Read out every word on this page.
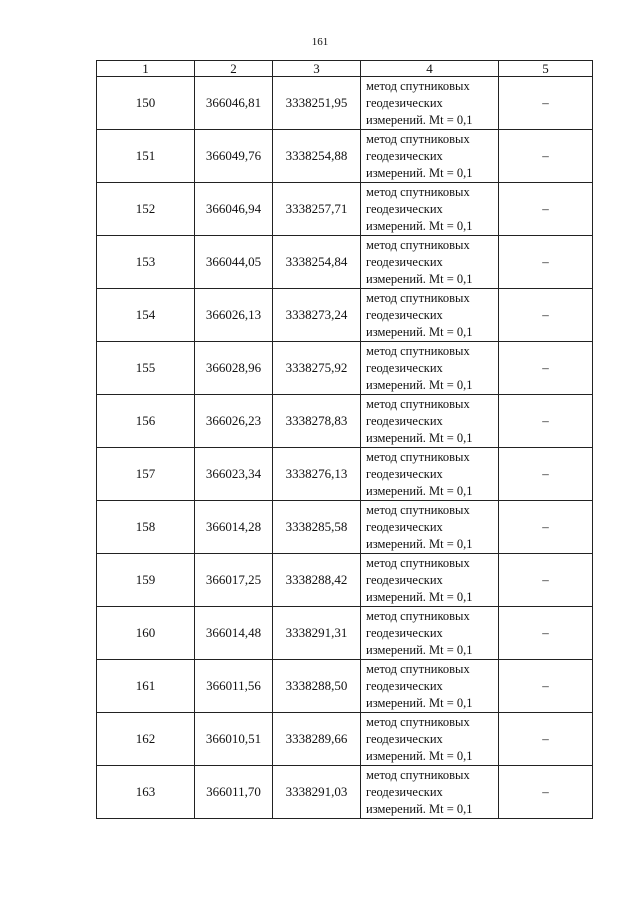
161
1	2	3	4	5
150	366046,81	3338251,95	метод спутниковых
геодезических
измерений. Mt = 0,1	–
151	366049,76	3338254,88	метод спутниковых
геодезических
измерений. Mt = 0,1	–
152	366046,94	3338257,71	метод спутниковых
геодезических
измерений. Mt = 0,1	–
153	366044,05	3338254,84	метод спутниковых
геодезических
измерений. Mt = 0,1	–
154	366026,13	3338273,24	метод спутниковых
геодезических
измерений. Mt = 0,1	–
155	366028,96	3338275,92	метод спутниковых
геодезических
измерений. Mt = 0,1	–
156	366026,23	3338278,83	метод спутниковых
геодезических
измерений. Mt = 0,1	–
157	366023,34	3338276,13	метод спутниковых
геодезических
измерений. Mt = 0,1	–
158	366014,28	3338285,58	метод спутниковых
геодезических
измерений. Mt = 0,1	–
159	366017,25	3338288,42	метод спутниковых
геодезических
измерений. Mt = 0,1	–
160	366014,48	3338291,31	метод спутниковых
геодезических
измерений. Mt = 0,1	–
161	366011,56	3338288,50	метод спутниковых
геодезических
измерений. Mt = 0,1	–
162	366010,51	3338289,66	метод спутниковых
геодезических
измерений. Mt = 0,1	–
163	366011,70	3338291,03	метод спутниковых
геодезических
измерений. Mt = 0,1	–
